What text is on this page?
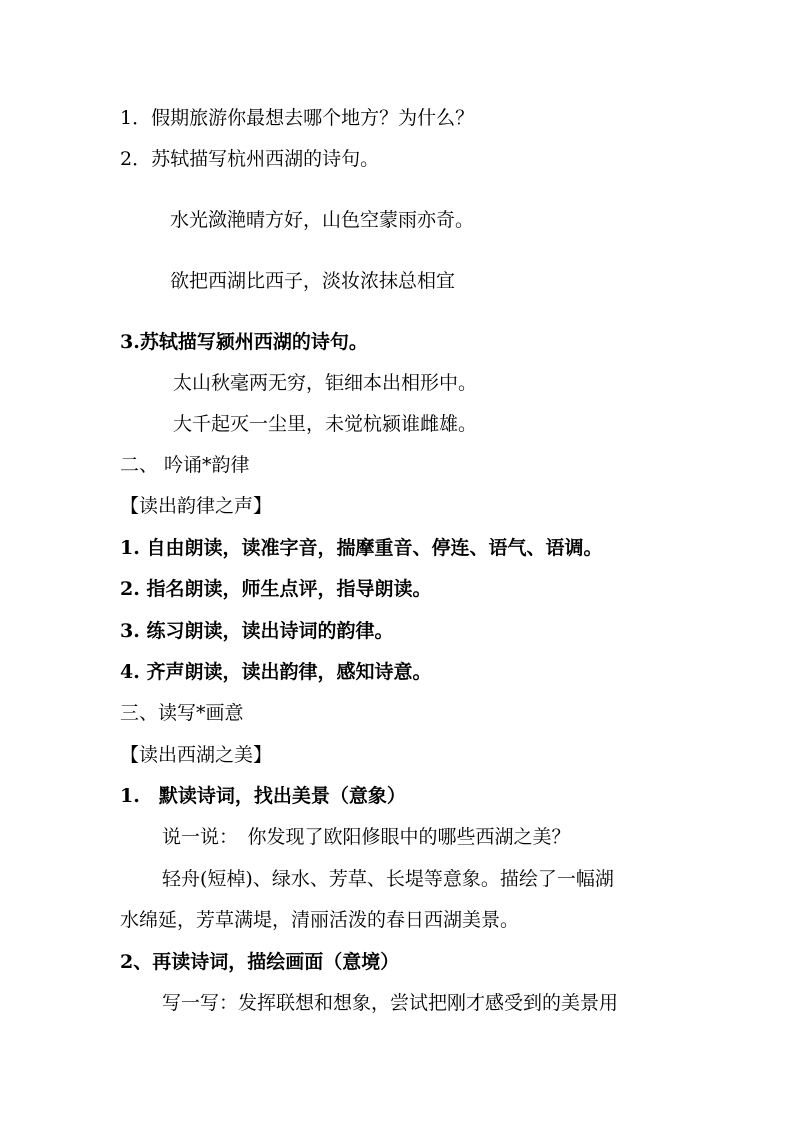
1．假期旅游你最想去哪个地方？为什么？
2．苏轼描写杭州西湖的诗句。
水光潋滟晴方好，山色空蒙雨亦奇。
欲把西湖比西子，淡妆浓抹总相宜
3.苏轼描写颍州西湖的诗句。
太山秋毫两无穷，钜细本出相形中。
大千起灭一尘里，未觉杭颍谁雌雄。
二、 吟诵*韵律
【读出韵律之声】
1. 自由朗读，读准字音，揣摩重音、停连、语气、语调。
2. 指名朗读，师生点评，指导朗读。
3. 练习朗读，读出诗词的韵律。
4. 齐声朗读，读出韵律，感知诗意。
三、读写*画意
【读出西湖之美】
1.　默读诗词，找出美景（意象）
说一说：　你发现了欧阳修眼中的哪些西湖之美？
轻舟(短棹)、绿水、芳草、长堤等意象。描绘了一幅湖
水绵延，芳草满堤，清丽活泼的春日西湖美景。
2、再读诗词，描绘画面（意境）
写一写：发挥联想和想象，尝试把刚才感受到的美景用
